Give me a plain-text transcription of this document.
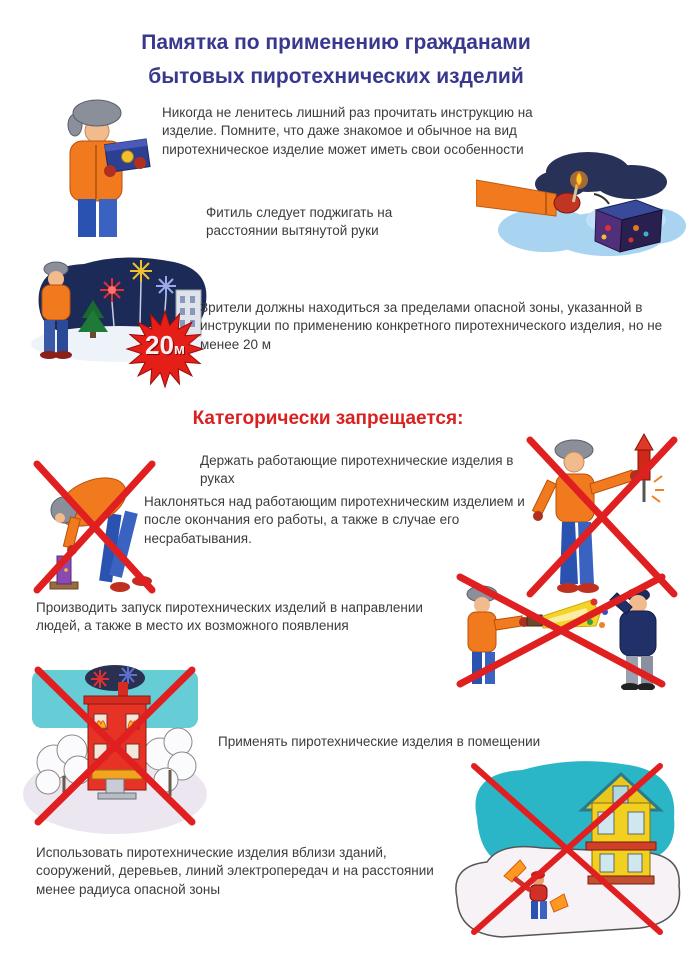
Памятка по применению гражданами
бытовых пиротехнических изделий
Никогда не ленитесь лишний раз прочитать инструкцию на изделие. Помните, что даже знакомое и обычное на вид пиротехническое изделие может иметь свои особенности
Фитиль следует поджигать на расстоянии вытянутой руки
20м
Зрители должны находиться за пределами опасной зоны, указанной в инструкции по применению конкретного пиротехнического изделия, но не менее 20 м
Категорически запрещается:
Держать работающие пиротехнические изделия в руках
Наклоняться над работающим пиротехническим изделием и после окончания его работы, а также в случае его несрабатывания.
Производить запуск пиротехнических изделий в направлении людей, а также в место их возможного появления
Применять пиротехнические изделия в помещении
Использовать пиротехнические изделия вблизи зданий, сооружений, деревьев, линий электропередач и на расстоянии менее радиуса опасной зоны
